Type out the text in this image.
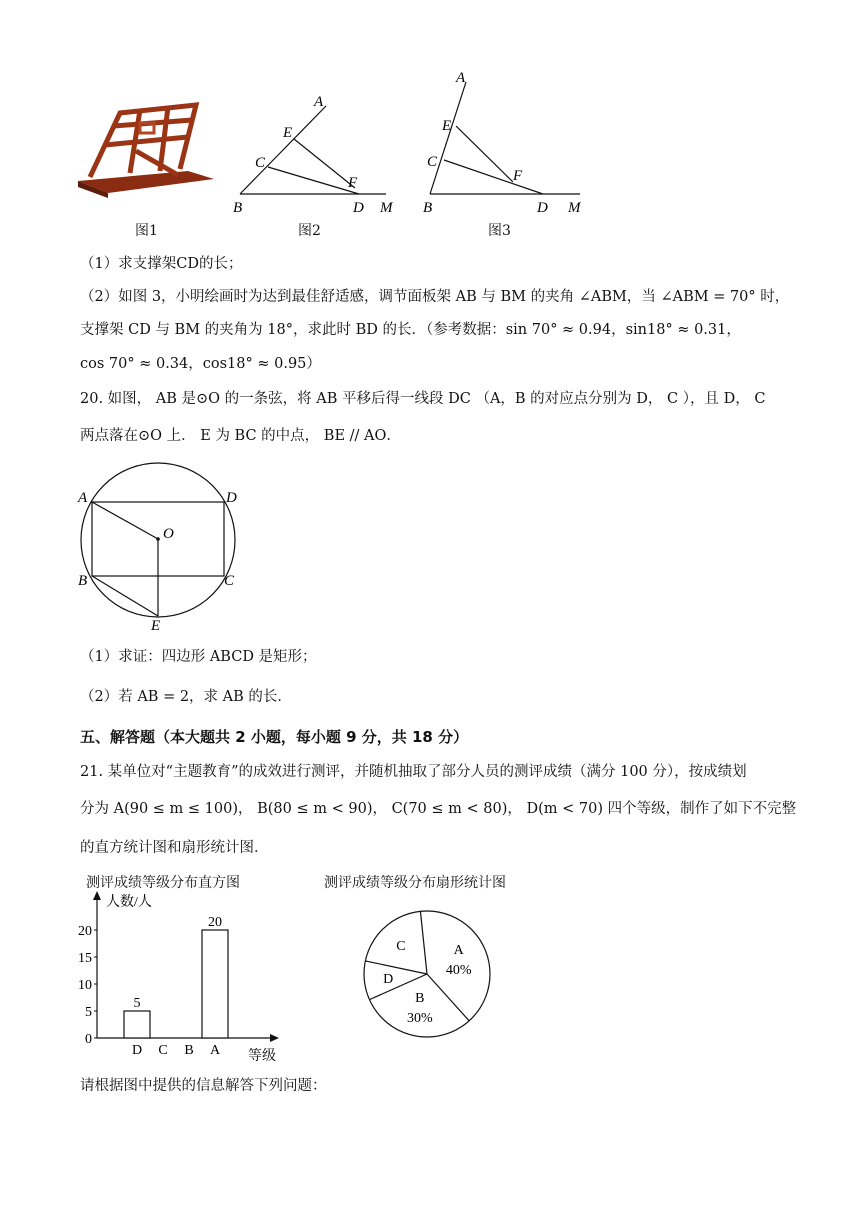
图1
A
E
C
F
B	D M
图2
A
E
C
F
B	D M
图3
（1）求支撑架CD的长；
（2）如图 3，小明绘画时为达到最佳舒适感，调节面板架 AB 与 BM 的夹角 ∠ABM，当 ∠ABM = 70° 时，
支撑架 CD 与 BM 的夹角为 18°，求此时 BD 的长．（参考数据：sin 70° ≈ 0.94，sin18° ≈ 0.31，
cos 70° ≈ 0.34，cos18° ≈ 0.95）
20. 如图， AB 是⊙O 的一条弦，将 AB 平移后得一线段 DC （A，B 的对应点分别为 D， C ），且 D， C
两点落在⊙O 上． E 为 BC 的中点， BE // AO．
A	D
O
B	C
E
（1）求证：四边形 ABCD 是矩形；
（2）若 AB = 2，求 AB 的长．
五、解答题（本大题共 2 小题，每小题 9 分，共 18 分）
21. 某单位对“主题教育”的成效进行测评，并随机抽取了部分人员的测评成绩（满分 100 分），按成绩划
分为 A(90 ≤ m ≤ 100)， B(80 ≤ m < 90)， C(70 ≤ m < 80)， D(m < 70) 四个等级，制作了如下不完整
的直方统计图和扇形统计图．
测评成绩等级分布直方图
人数/人
等级
0
5
10
15
20
D
5
C B A
20
测评成绩等级分布扇形统计图
A
40%
B
30%
D
C
请根据图中提供的信息解答下列问题：
